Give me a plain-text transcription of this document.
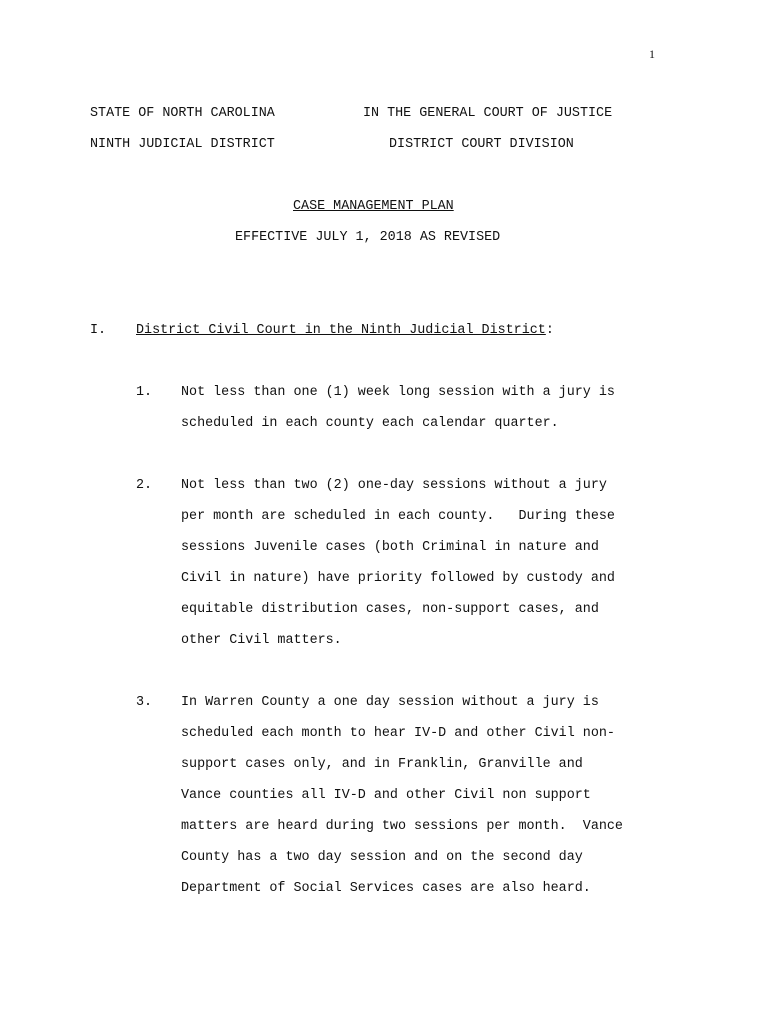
1
STATE OF NORTH CAROLINA	IN THE GENERAL COURT OF JUSTICE
NINTH JUDICIAL DISTRICT	DISTRICT COURT DIVISION
CASE MANAGEMENT PLAN
EFFECTIVE JULY 1, 2018 AS REVISED
I. District Civil Court in the Ninth Judicial District:
1. Not less than one (1) week long session with a jury is
scheduled in each county each calendar quarter.
2. Not less than two (2) one-day sessions without a jury
per month are scheduled in each county.   During these
sessions Juvenile cases (both Criminal in nature and
Civil in nature) have priority followed by custody and
equitable distribution cases, non-support cases, and
other Civil matters.
3. In Warren County a one day session without a jury is
scheduled each month to hear IV-D and other Civil non-
support cases only, and in Franklin, Granville and
Vance counties all IV-D and other Civil non support
matters are heard during two sessions per month.  Vance
County has a two day session and on the second day
Department of Social Services cases are also heard.
